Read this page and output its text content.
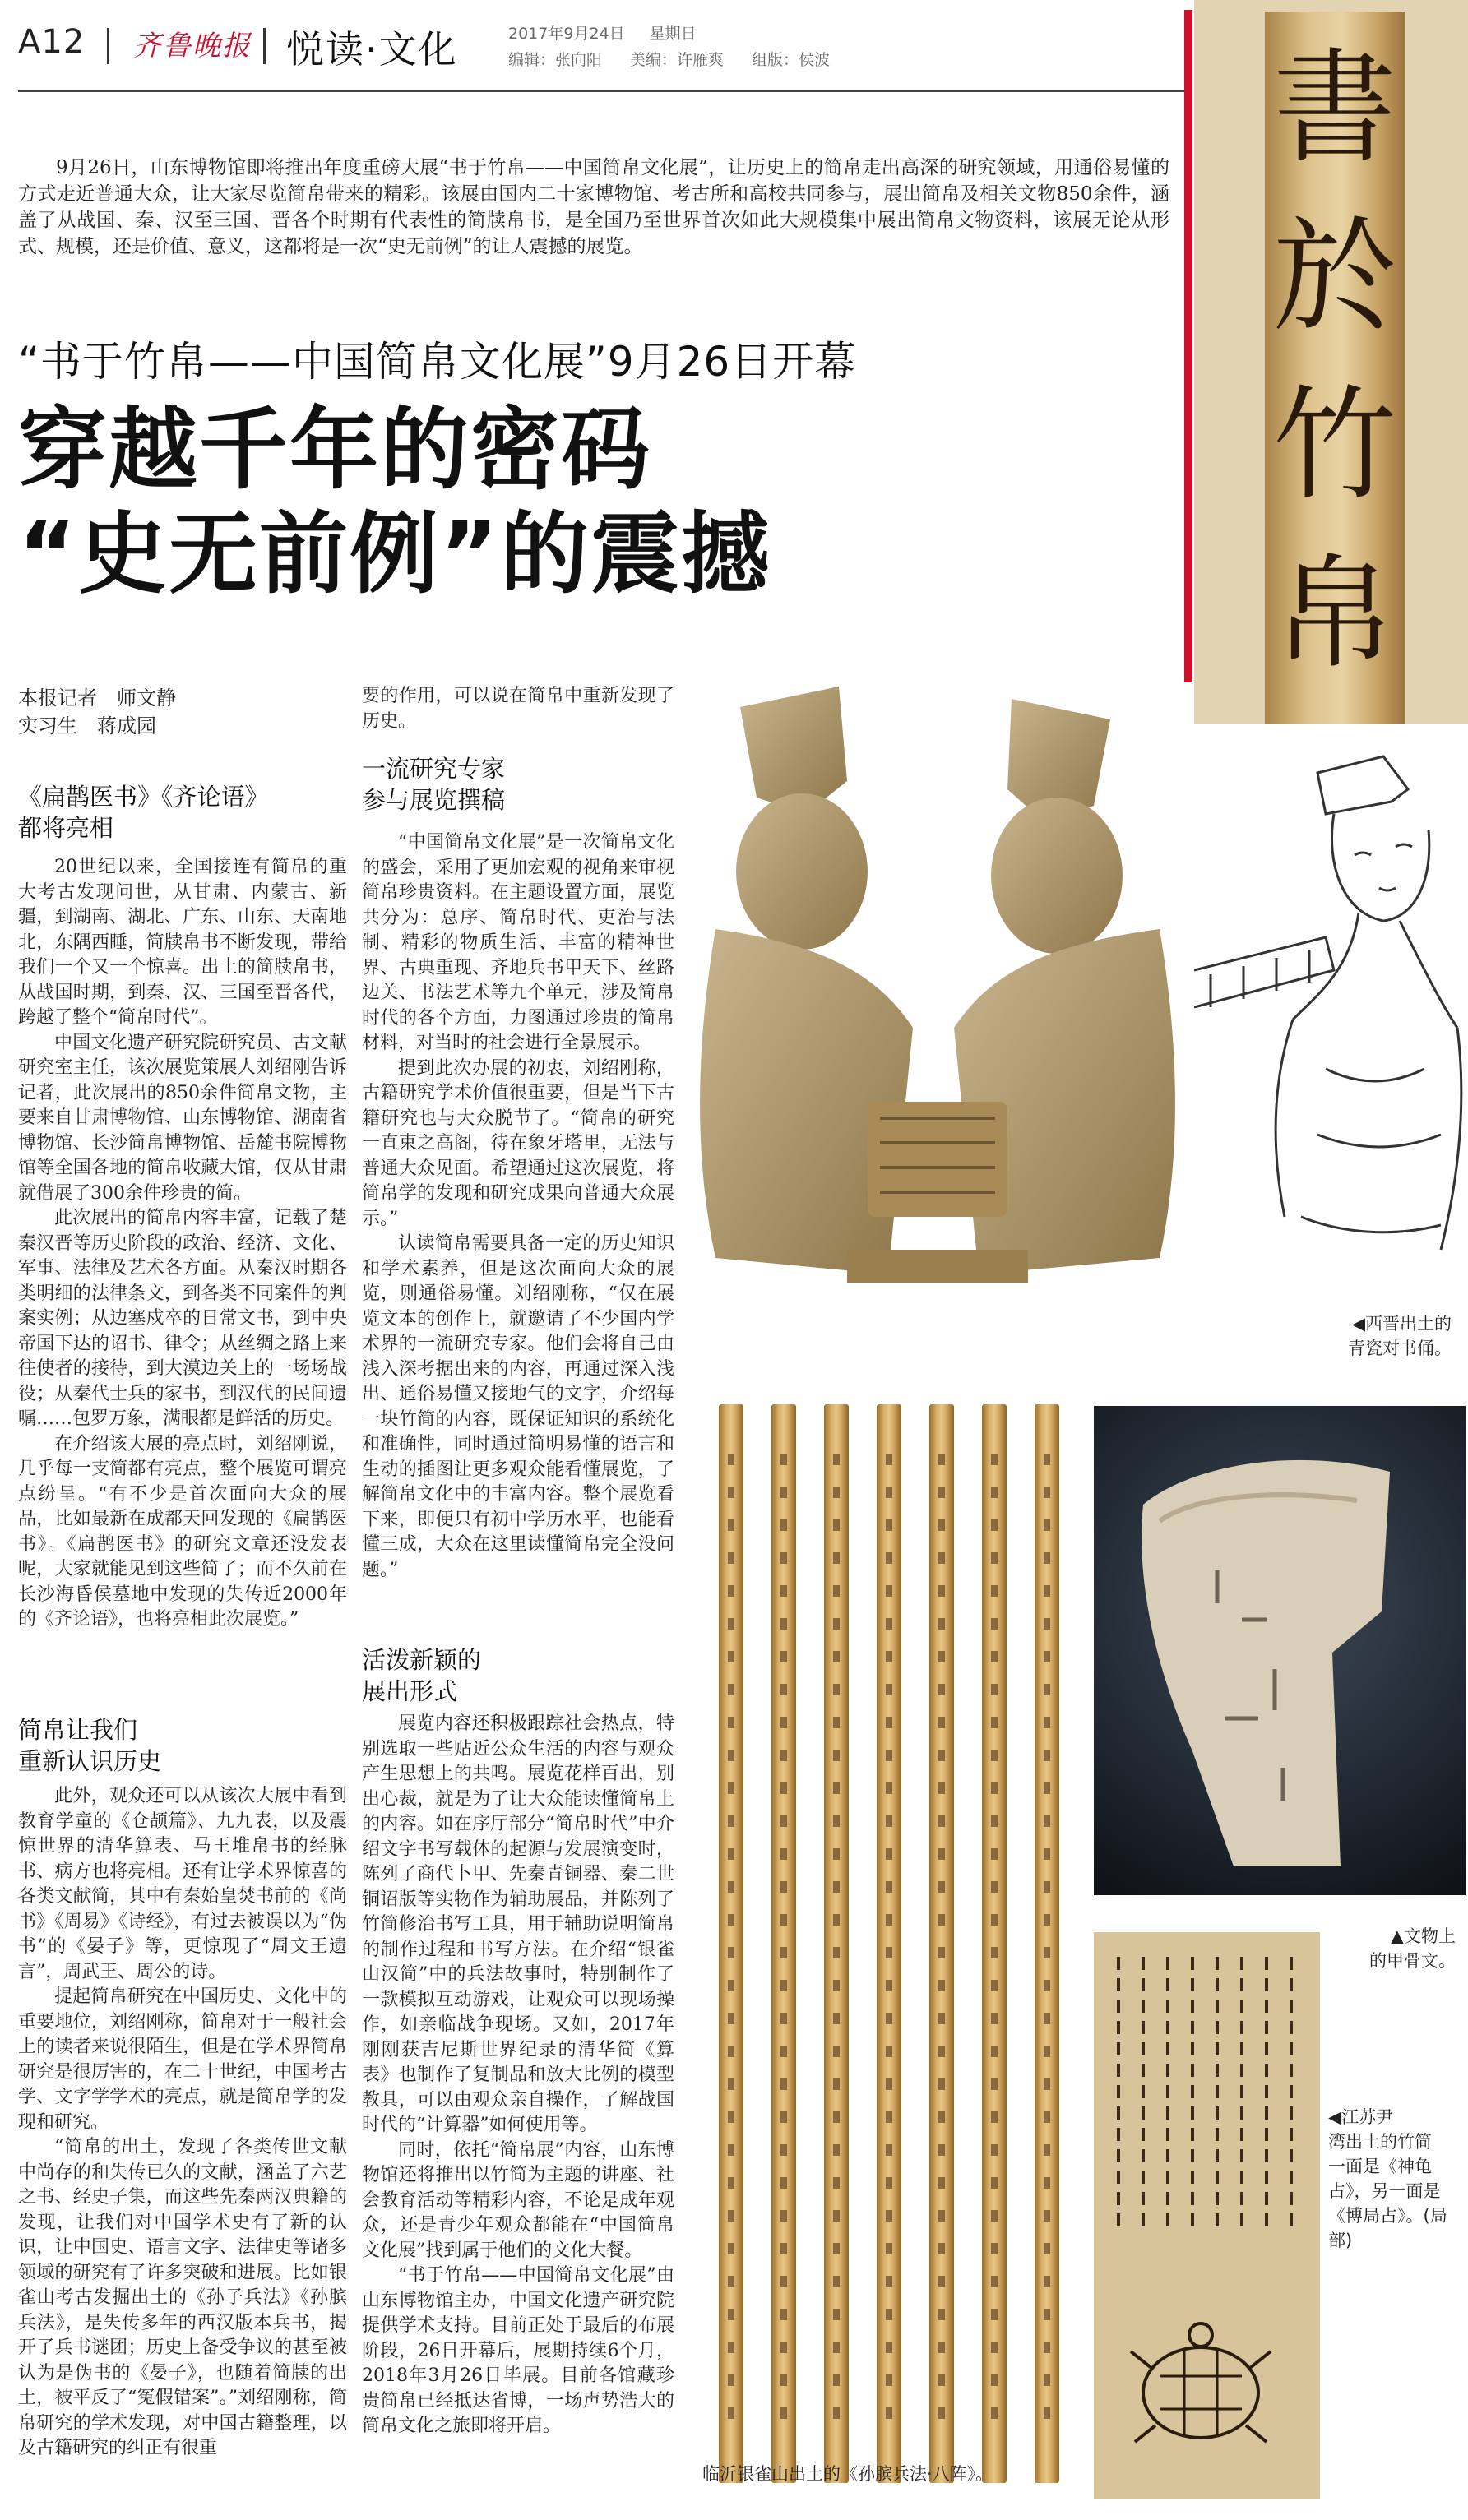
A12 齐鲁晚报 悦读·文化	2017年9月24日 星期日
编辑：张向阳 美编：许雁爽 组版：侯波	書
於
竹
帛
9月26日，山东博物馆即将推出年度重磅大展“书于竹帛——中国简帛文化展”，让历史上的简帛走出高深的研究领域，用通俗易懂的方式走近普通大众，让大家尽览简帛带来的精彩。该展由国内二十家博物馆、考古所和高校共同参与，展出简帛及相关文物850余件，涵盖了从战国、秦、汉至三国、晋各个时期有代表性的简牍帛书，是全国乃至世界首次如此大规模集中展出简帛文物资料，该展无论从形式、规模，还是价值、意义，这都将是一次“史无前例”的让人震撼的展览。
“书于竹帛——中国简帛文化展”9月26日开幕
穿越千年的密码
“史无前例”的震撼
本报记者 师文静
实习生 蒋成园
《扁鹊医书》《齐论语》
都将亮相

20世纪以来，全国接连有简帛的重大考古发现问世，从甘肃、内蒙古、新疆，到湖南、湖北、广东、山东、天南地北，东隅西睡，简牍帛书不断发现，带给我们一个又一个惊喜。出土的简牍帛书，从战国时期，到秦、汉、三国至晋各代，跨越了整个“简帛时代”。

中国文化遗产研究院研究员、古文献研究室主任，该次展览策展人刘绍刚告诉记者，此次展出的850余件简帛文物，主要来自甘肃博物馆、山东博物馆、湖南省博物馆、长沙简帛博物馆、岳麓书院博物馆等全国各地的简帛收藏大馆，仅从甘肃就借展了300余件珍贵的简。

此次展出的简帛内容丰富，记载了楚秦汉晋等历史阶段的政治、经济、文化、军事、法律及艺术各方面。从秦汉时期各类明细的法律条文，到各类不同案件的判案实例；从边塞戍卒的日常文书，到中央帝国下达的诏书、律令；从丝绸之路上来往使者的接待，到大漠边关上的一场场战役；从秦代士兵的家书，到汉代的民间遗嘱……包罗万象，满眼都是鲜活的历史。

在介绍该大展的亮点时，刘绍刚说，几乎每一支简都有亮点，整个展览可谓亮点纷呈。“有不少是首次面向大众的展品，比如最新在成都天回发现的《扁鹊医书》。《扁鹊医书》的研究文章还没发表呢，大家就能见到这些简了；而不久前在长沙海昏侯墓地中发现的失传近2000年的《齐论语》，也将亮相此次展览。”

简帛让我们
重新认识历史

此外，观众还可以从该次大展中看到教育学童的《仓颉篇》、九九表，以及震惊世界的清华算表、马王堆帛书的经脉书、病方也将亮相。还有让学术界惊喜的各类文献简，其中有秦始皇焚书前的《尚书》《周易》《诗经》，有过去被误以为“伪书”的《晏子》等，更惊现了“周文王遗言”，周武王、周公的诗。

提起简帛研究在中国历史、文化中的重要地位，刘绍刚称，简帛对于一般社会上的读者来说很陌生，但是在学术界简帛研究是很厉害的，在二十世纪，中国考古学、文字学学术的亮点，就是简帛学的发现和研究。

“简帛的出土，发现了各类传世文献中尚存的和失传已久的文献，涵盖了六艺之书、经史子集，而这些先秦两汉典籍的发现，让我们对中国学术史有了新的认识，让中国史、语言文字、法律史等诸多领域的研究有了许多突破和进展。比如银雀山考古发掘出土的《孙子兵法》《孙膑兵法》，是失传多年的西汉版本兵书，揭开了兵书谜团；历史上备受争议的甚至被认为是伪书的《晏子》，也随着简牍的出土，被平反了“冤假错案”。”刘绍刚称，简帛研究的学术发现，对中国古籍整理，以及古籍研究的纠正有很重

要的作用，可以说在简帛中重新发现了历史。

一流研究专家
参与展览撰稿

“中国简帛文化展”是一次简帛文化的盛会，采用了更加宏观的视角来审视简帛珍贵资料。在主题设置方面，展览共分为：总序、简帛时代、吏治与法制、精彩的物质生活、丰富的精神世界、古典重现、齐地兵书甲天下、丝路边关、书法艺术等九个单元，涉及简帛时代的各个方面，力图通过珍贵的简帛材料，对当时的社会进行全景展示。

提到此次办展的初衷，刘绍刚称，古籍研究学术价值很重要，但是当下古籍研究也与大众脱节了。“简帛的研究一直束之高阁，待在象牙塔里，无法与普通大众见面。希望通过这次展览，将简帛学的发现和研究成果向普通大众展示。”

认读简帛需要具备一定的历史知识和学术素养，但是这次面向大众的展览，则通俗易懂。刘绍刚称，“仅在展览文本的创作上，就邀请了不少国内学术界的一流研究专家。他们会将自己由浅入深考据出来的内容，再通过深入浅出、通俗易懂又接地气的文字，介绍每一块竹简的内容，既保证知识的系统化和准确性，同时通过简明易懂的语言和生动的插图让更多观众能看懂展览，了解简帛文化中的丰富内容。整个展览看下来，即便只有初中学历水平，也能看懂三成，大众在这里读懂简帛完全没问题。”

活泼新颖的
展出形式

展览内容还积极跟踪社会热点，特别选取一些贴近公众生活的内容与观众产生思想上的共鸣。展览花样百出，别出心裁，就是为了让大众能读懂简帛上的内容。如在序厅部分“简帛时代”中介绍文字书写载体的起源与发展演变时，陈列了商代卜甲、先秦青铜器、秦二世铜诏版等实物作为辅助展品，并陈列了竹简修治书写工具，用于辅助说明简帛的制作过程和书写方法。在介绍“银雀山汉简”中的兵法故事时，特别制作了一款模拟互动游戏，让观众可以现场操作，如亲临战争现场。又如，2017年刚刚获吉尼斯世界纪录的清华简《算表》也制作了复制品和放大比例的模型教具，可以由观众亲自操作，了解战国时代的“计算器”如何使用等。

同时，依托“简帛展”内容，山东博物馆还将推出以竹简为主题的讲座、社会教育活动等精彩内容，不论是成年观众，还是青少年观众都能在“中国简帛文化展”找到属于他们的文化大餐。

“书于竹帛——中国简帛文化展”由山东博物馆主办，中国文化遗产研究院提供学术支持。目前正处于最后的布展阶段，26日开幕后，展期持续6个月，2018年3月26日毕展。目前各馆藏珍贵简帛已经抵达省博，一场声势浩大的简帛文化之旅即将开启。

◀西晋出土的
青瓷对书俑。
临沂银雀山出土的《孙膑兵法·八阵》。
▲文物上
的甲骨文。
◀江苏尹
湾出土的竹简
一面是《神龟
占》，另一面是
《博局占》。(局
部)
